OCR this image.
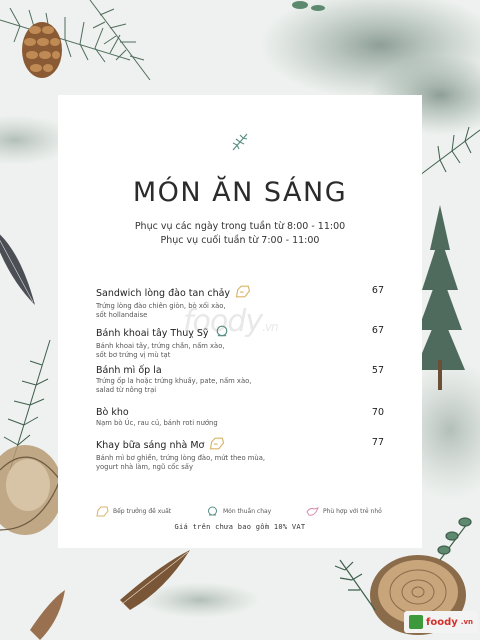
MÓN ĂN SÁNG
Phục vụ các ngày trong tuần từ 8:00 - 11:00
Phục vụ cuối tuần từ 7:00 - 11:00
foody.vn
Sandwich lòng đào tan chảy
Trứng lòng đào chiên giòn, bò xối xào,
sốt hollandaise
67
Bánh khoai tây Thuỵ Sỹ
Bánh khoai tây, trứng chần, nấm xào,
sốt bơ trứng vị mù tạt
67
Bánh mì ốp la
Trứng ốp la hoặc trứng khuấy, pate, nấm xào,
salad từ nông trại
57
Bò kho
Nạm bò Úc, rau củ, bánh roti nướng
70
Khay bữa sáng nhà Mơ
Bánh mì bơ ghiền, trứng lòng đào, mứt theo mùa,
yogurt nhà làm, ngũ cốc sấy
77
Bếp trưởng đề xuất	Món thuần chay	Phù hợp với trẻ nhỏ
Giá trên chưa bao gồm 10% VAT
foody .vn
